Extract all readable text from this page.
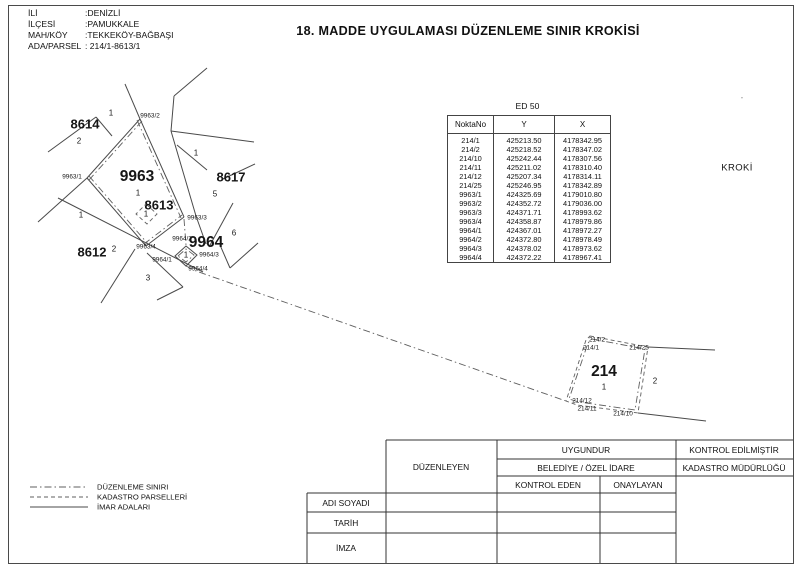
İLİ	:DENİZLİ
İLÇESİ	:PAMUKKALE
MAH/KÖY :TEKKEKÖY-BAĞBAŞI
ADA/PARSEL : 214/1-8613/1
18. MADDE UYGULAMASI DÜZENLEME SINIR KROKİSİ
ED 50
NoktaNo	Y	X
214/1	425213.50	4178342.95
214/2	425218.52	4178347.02
214/10	425242.44	4178307.56
214/11	425211.02	4178310.40
214/12	425207.34	4178314.11
214/25	425246.95	4178342.89
9963/1	424325.69	4179010.80
9963/2	424352.72	4179036.00
9963/3	424371.71	4178993.62
9963/4	424358.87	4178979.86
9964/1	424367.01	4178972.27
9964/2	424372.80	4178978.49
9964/3	424378.02	4178973.62
9964/4	424372.22	4178967.41
8614
9963
8613
8617
8612
9964
214
1
2
1
1
1
5
6
1
2
3
1
1
2
9963/2
9963/1
9963/3
9963/4
9964/2
9964/3
9964/1
9964/4
214/2
214/1	214/25
214/12
214/11
214/10
KROKİ
'
DÜZENLEME SINIRI
KADASTRO PARSELLERİ
İMAR ADALARI
DÜZENLEYEN
UYGUNDUR	KONTROL EDİLMİŞTİR
BELEDİYE / ÖZEL İDARE	KADASTRO MÜDÜRLÜĞÜ
KONTROL EDEN	ONAYLAYAN
ADI SOYADI
TARİH
İMZA
